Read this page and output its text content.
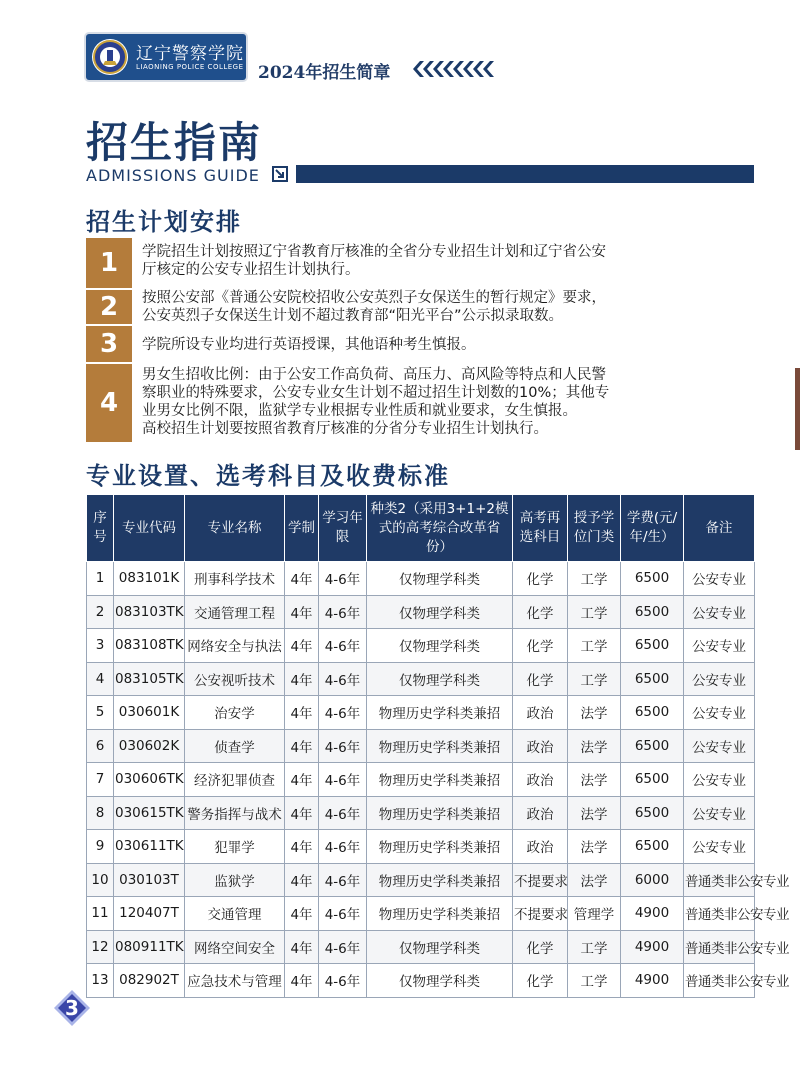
辽宁警察学院
LIAONING POLICE COLLEGE 2024年招生简章
招生指南
ADMISSIONS GUIDE
招生计划安排
1	学院招生计划按照辽宁省教育厅核准的全省分专业招生计划和辽宁省公安

厅核定的公安专业招生计划执行。

2	按照公安部《普通公安院校招收公安英烈子女保送生的暂行规定》要求，

公安英烈子女保送生计划不超过教育部“阳光平台”公示拟录取数。

3	学院所设专业均进行英语授课，其他语种考生慎报。

4

男女生招收比例：由于公安工作高负荷、高压力、高风险等特点和人民警

察职业的特殊要求，公安专业女生计划不超过招生计划数的10%；其他专

业男女比例不限，监狱学专业根据专业性质和就业要求，女生慎报。

高校招生计划要按照省教育厅核准的分省分专业招生计划执行。

专业设置、选考科目及收费标准
序号	专业代码	专业名称	学制	学习年限	种类2（采用3+1+2模式的高考综合改革省份）	高考再选科目	授予学位门类	学费(元/年/生）	备注
1	083101K	刑事科学技术	4年	4-6年	仅物理学科类	化学	工学	6500	公安专业
2	083103TK	交通管理工程	4年	4-6年	仅物理学科类	化学	工学	6500	公安专业
3	083108TK	网络安全与执法	4年	4-6年	仅物理学科类	化学	工学	6500	公安专业
4	083105TK	公安视听技术	4年	4-6年	仅物理学科类	化学	工学	6500	公安专业
5	030601K	治安学	4年	4-6年	物理历史学科类兼招	政治	法学	6500	公安专业
6	030602K	侦查学	4年	4-6年	物理历史学科类兼招	政治	法学	6500	公安专业
7	030606TK	经济犯罪侦查	4年	4-6年	物理历史学科类兼招	政治	法学	6500	公安专业
8	030615TK	警务指挥与战术	4年	4-6年	物理历史学科类兼招	政治	法学	6500	公安专业
9	030611TK	犯罪学	4年	4-6年	物理历史学科类兼招	政治	法学	6500	公安专业
10	030103T	监狱学	4年	4-6年	物理历史学科类兼招	不提要求	法学	6000	普通类非公安专业
11	120407T	交通管理	4年	4-6年	物理历史学科类兼招	不提要求	管理学	4900	普通类非公安专业
12	080911TK	网络空间安全	4年	4-6年	仅物理学科类	化学	工学	4900	普通类非公安专业
13	082902T	应急技术与管理	4年	4-6年	仅物理学科类	化学	工学	4900	普通类非公安专业
3
